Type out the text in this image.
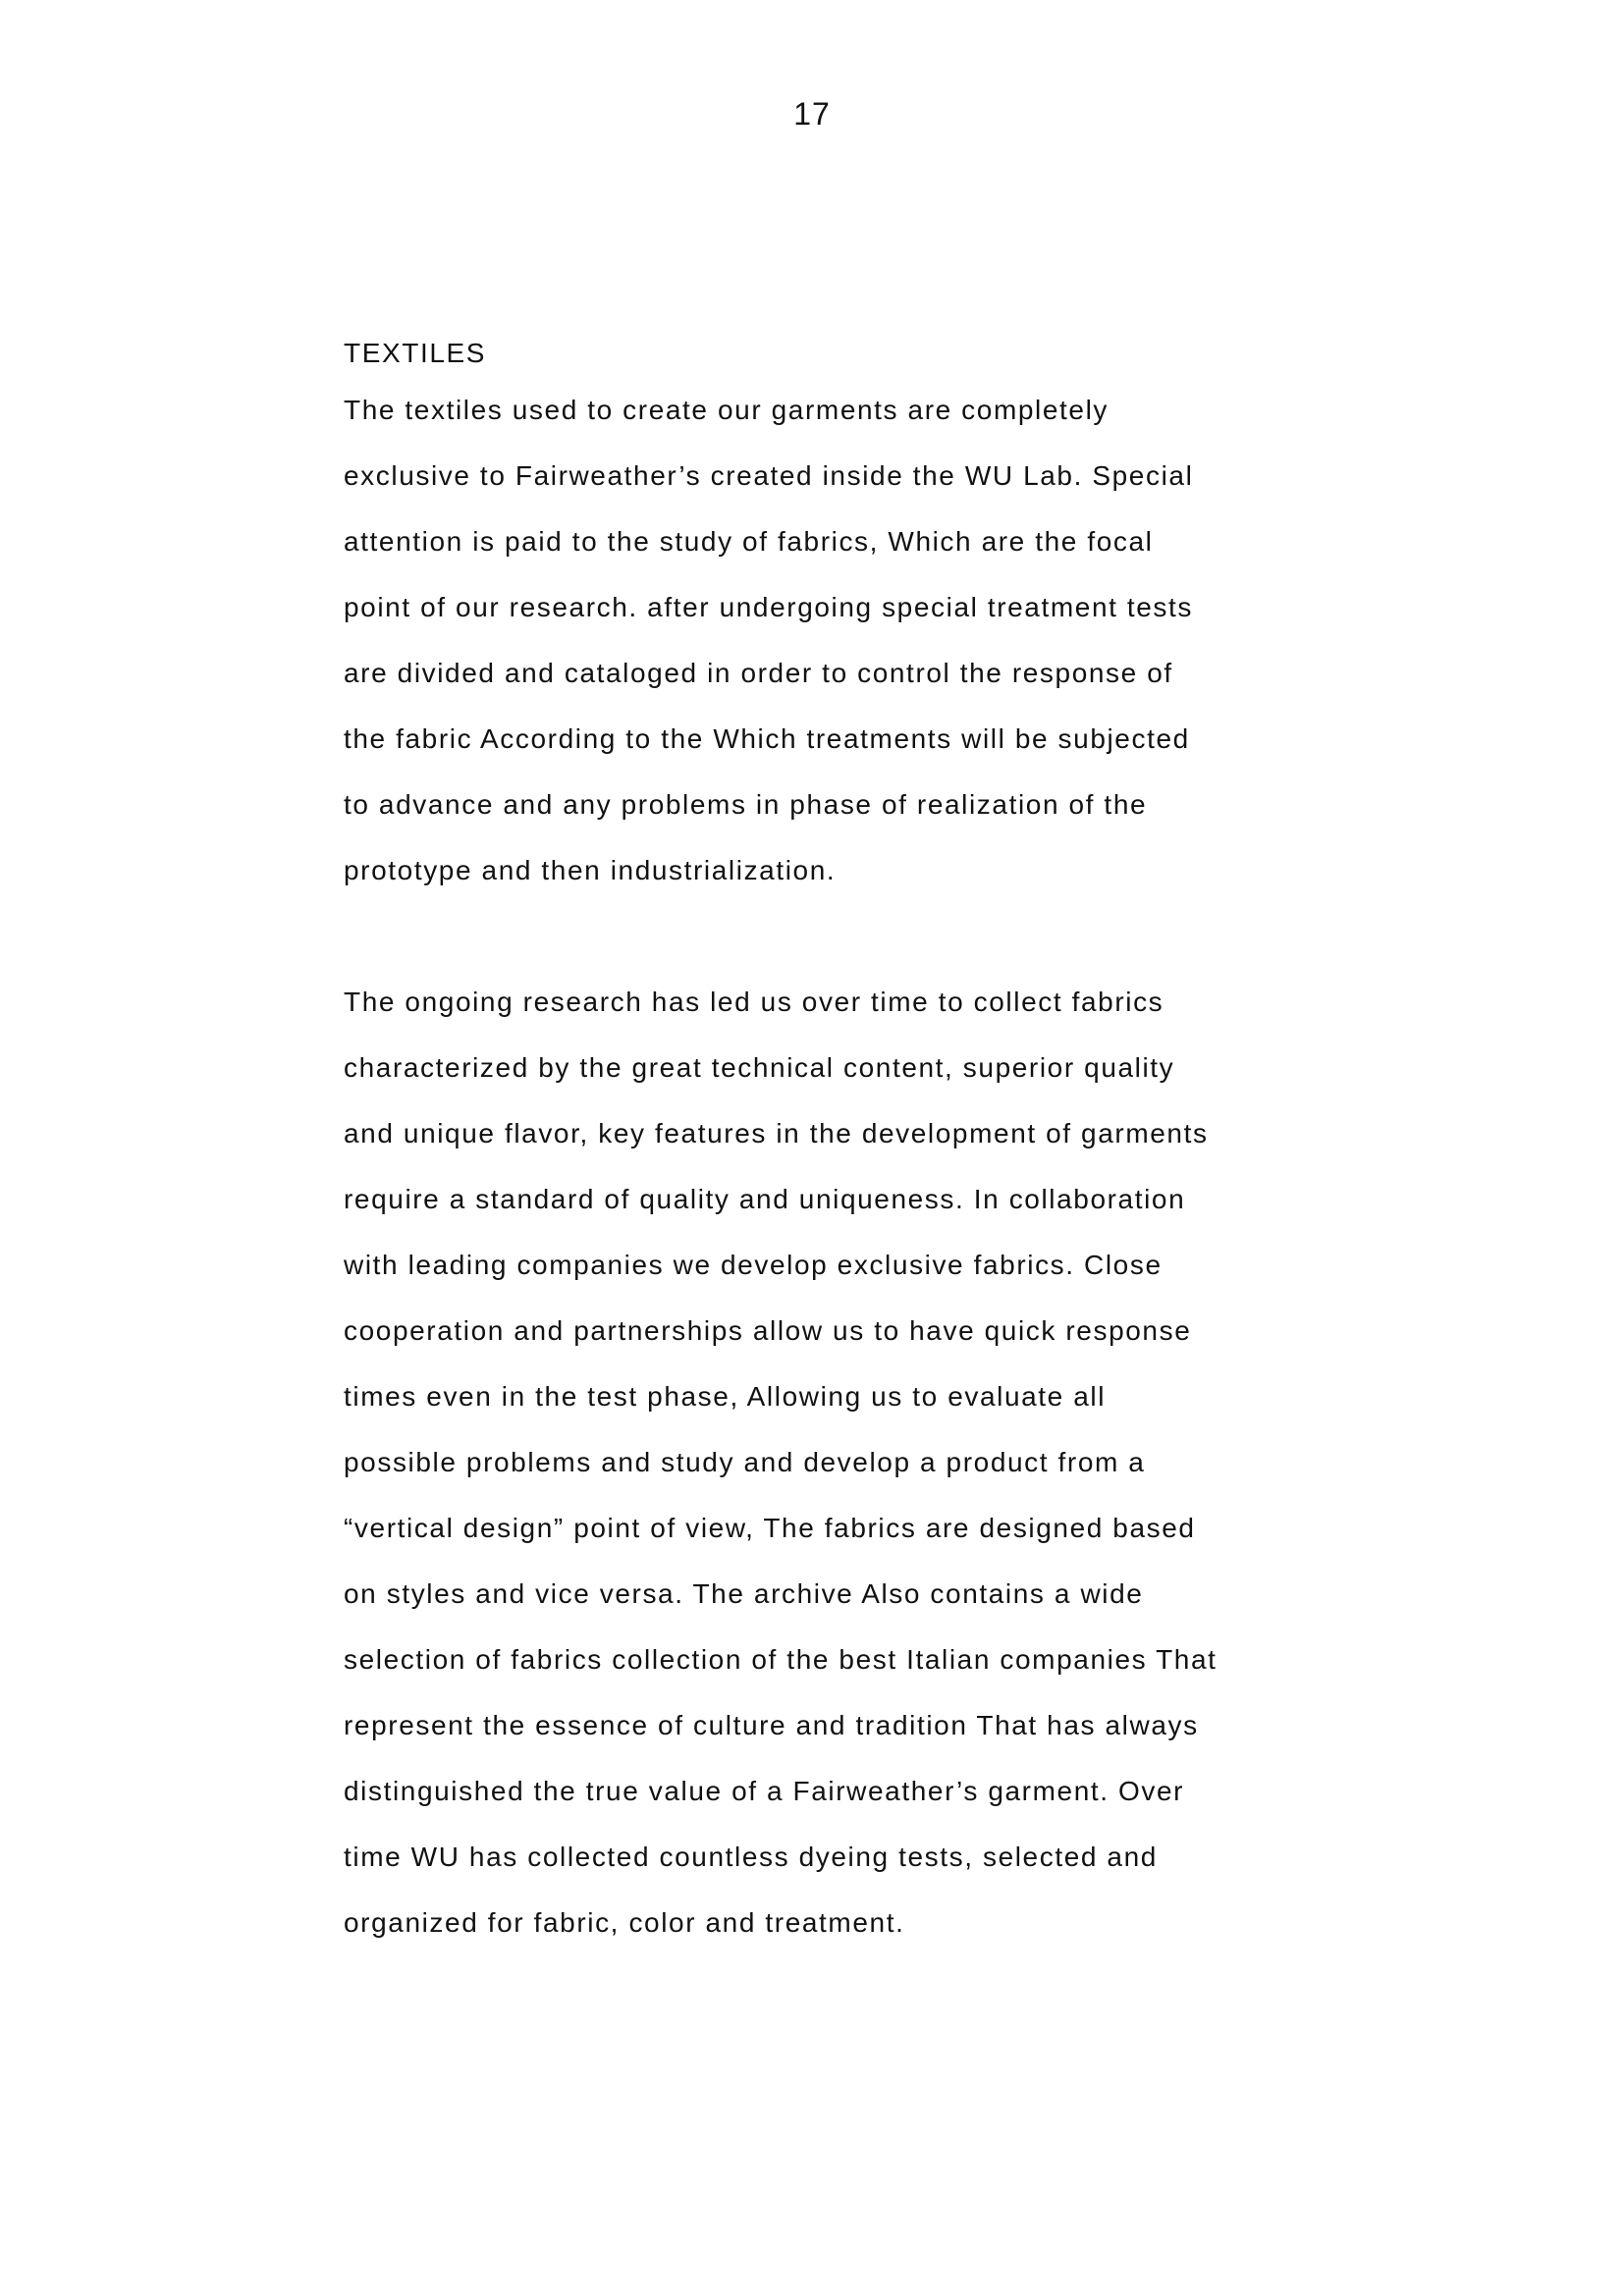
17
TEXTILES

The textiles used to create our garments are completely
exclusive to Fairweather’s created inside the WU Lab. Special
attention is paid to the study of fabrics, Which are the focal
point of our research. after undergoing special treatment tests
are divided and cataloged in order to control the response of
the fabric According to the Which treatments will be subjected
to advance and any problems in phase of realization of the
prototype and then industrialization.

The ongoing research has led us over time to collect fabrics
characterized by the great technical content, superior quality
and unique flavor, key features in the development of garments
require a standard of quality and uniqueness. In collaboration
with leading companies we develop exclusive fabrics. Close
cooperation and partnerships allow us to have quick response
times even in the test phase, Allowing us to evaluate all
possible problems and study and develop a product from a
“vertical design” point of view, The fabrics are designed based
on styles and vice versa. The archive Also contains a wide
selection of fabrics collection of the best Italian companies That
represent the essence of culture and tradition That has always
distinguished the true value of a Fairweather’s garment. Over
time WU has collected countless dyeing tests, selected and
organized for fabric, color and treatment.
